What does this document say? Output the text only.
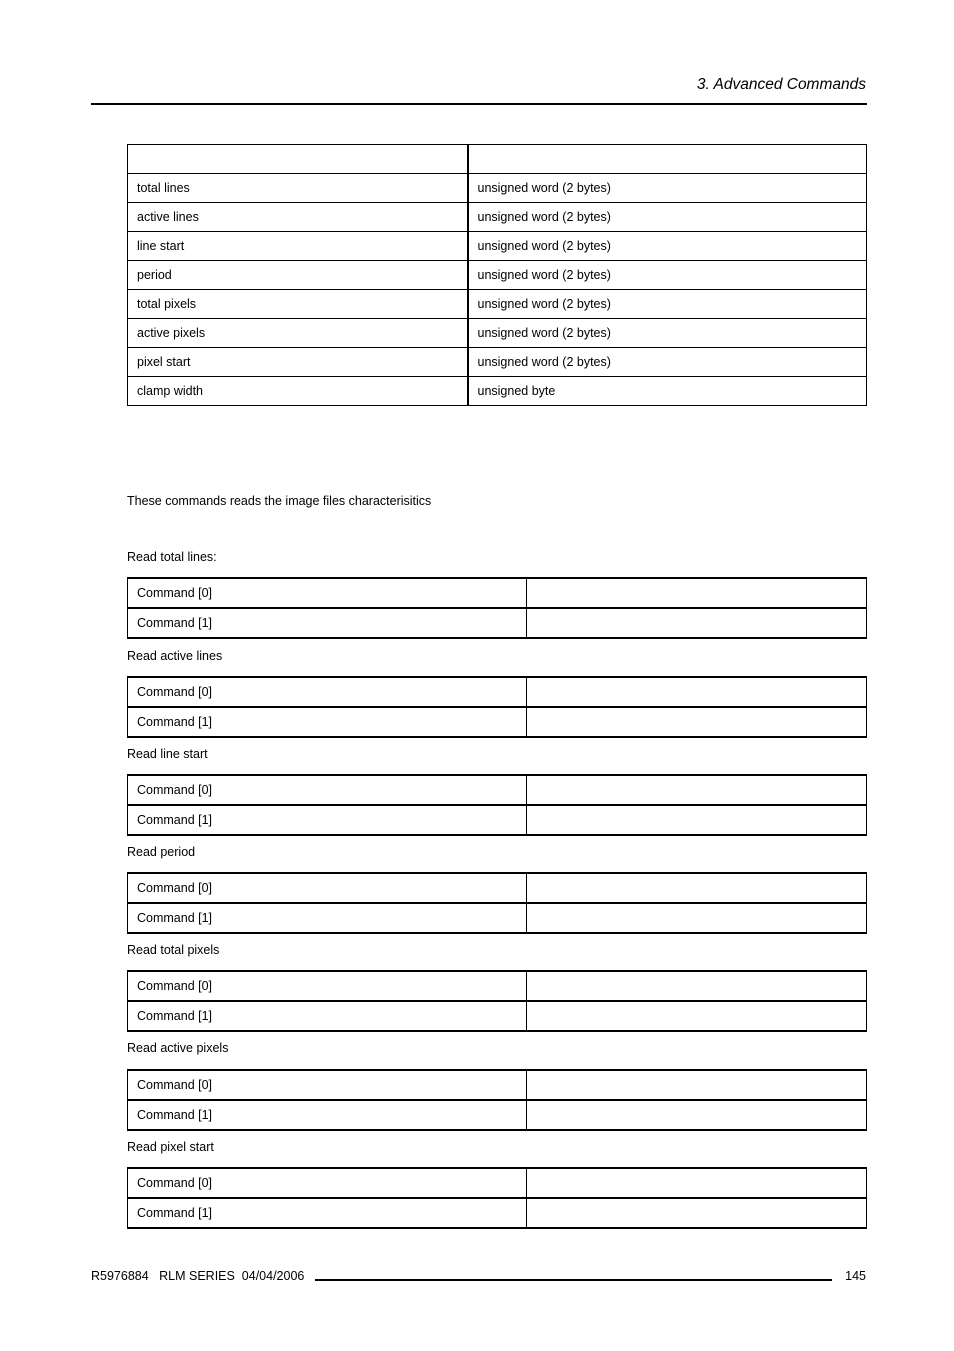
3. Advanced Commands

total lines	unsigned word (2 bytes)
active lines	unsigned word (2 bytes)
line start	unsigned word (2 bytes)
period	unsigned word (2 bytes)
total pixels	unsigned word (2 bytes)
active pixels	unsigned word (2 bytes)
pixel start	unsigned word (2 bytes)
clamp width	unsigned byte
These commands reads the image files characterisitics
Read total lines:
Command [0]	
Command [1]	
Read active lines
Command [0]	
Command [1]	
Read line start
Command [0]	
Command [1]	
Read period
Command [0]	
Command [1]	
Read total pixels
Command [0]	
Command [1]	
Read active pixels
Command [0]	
Command [1]	
Read pixel start
Command [0]	
Command [1]	
R5976884 RLM SERIES 04/04/2006	145
